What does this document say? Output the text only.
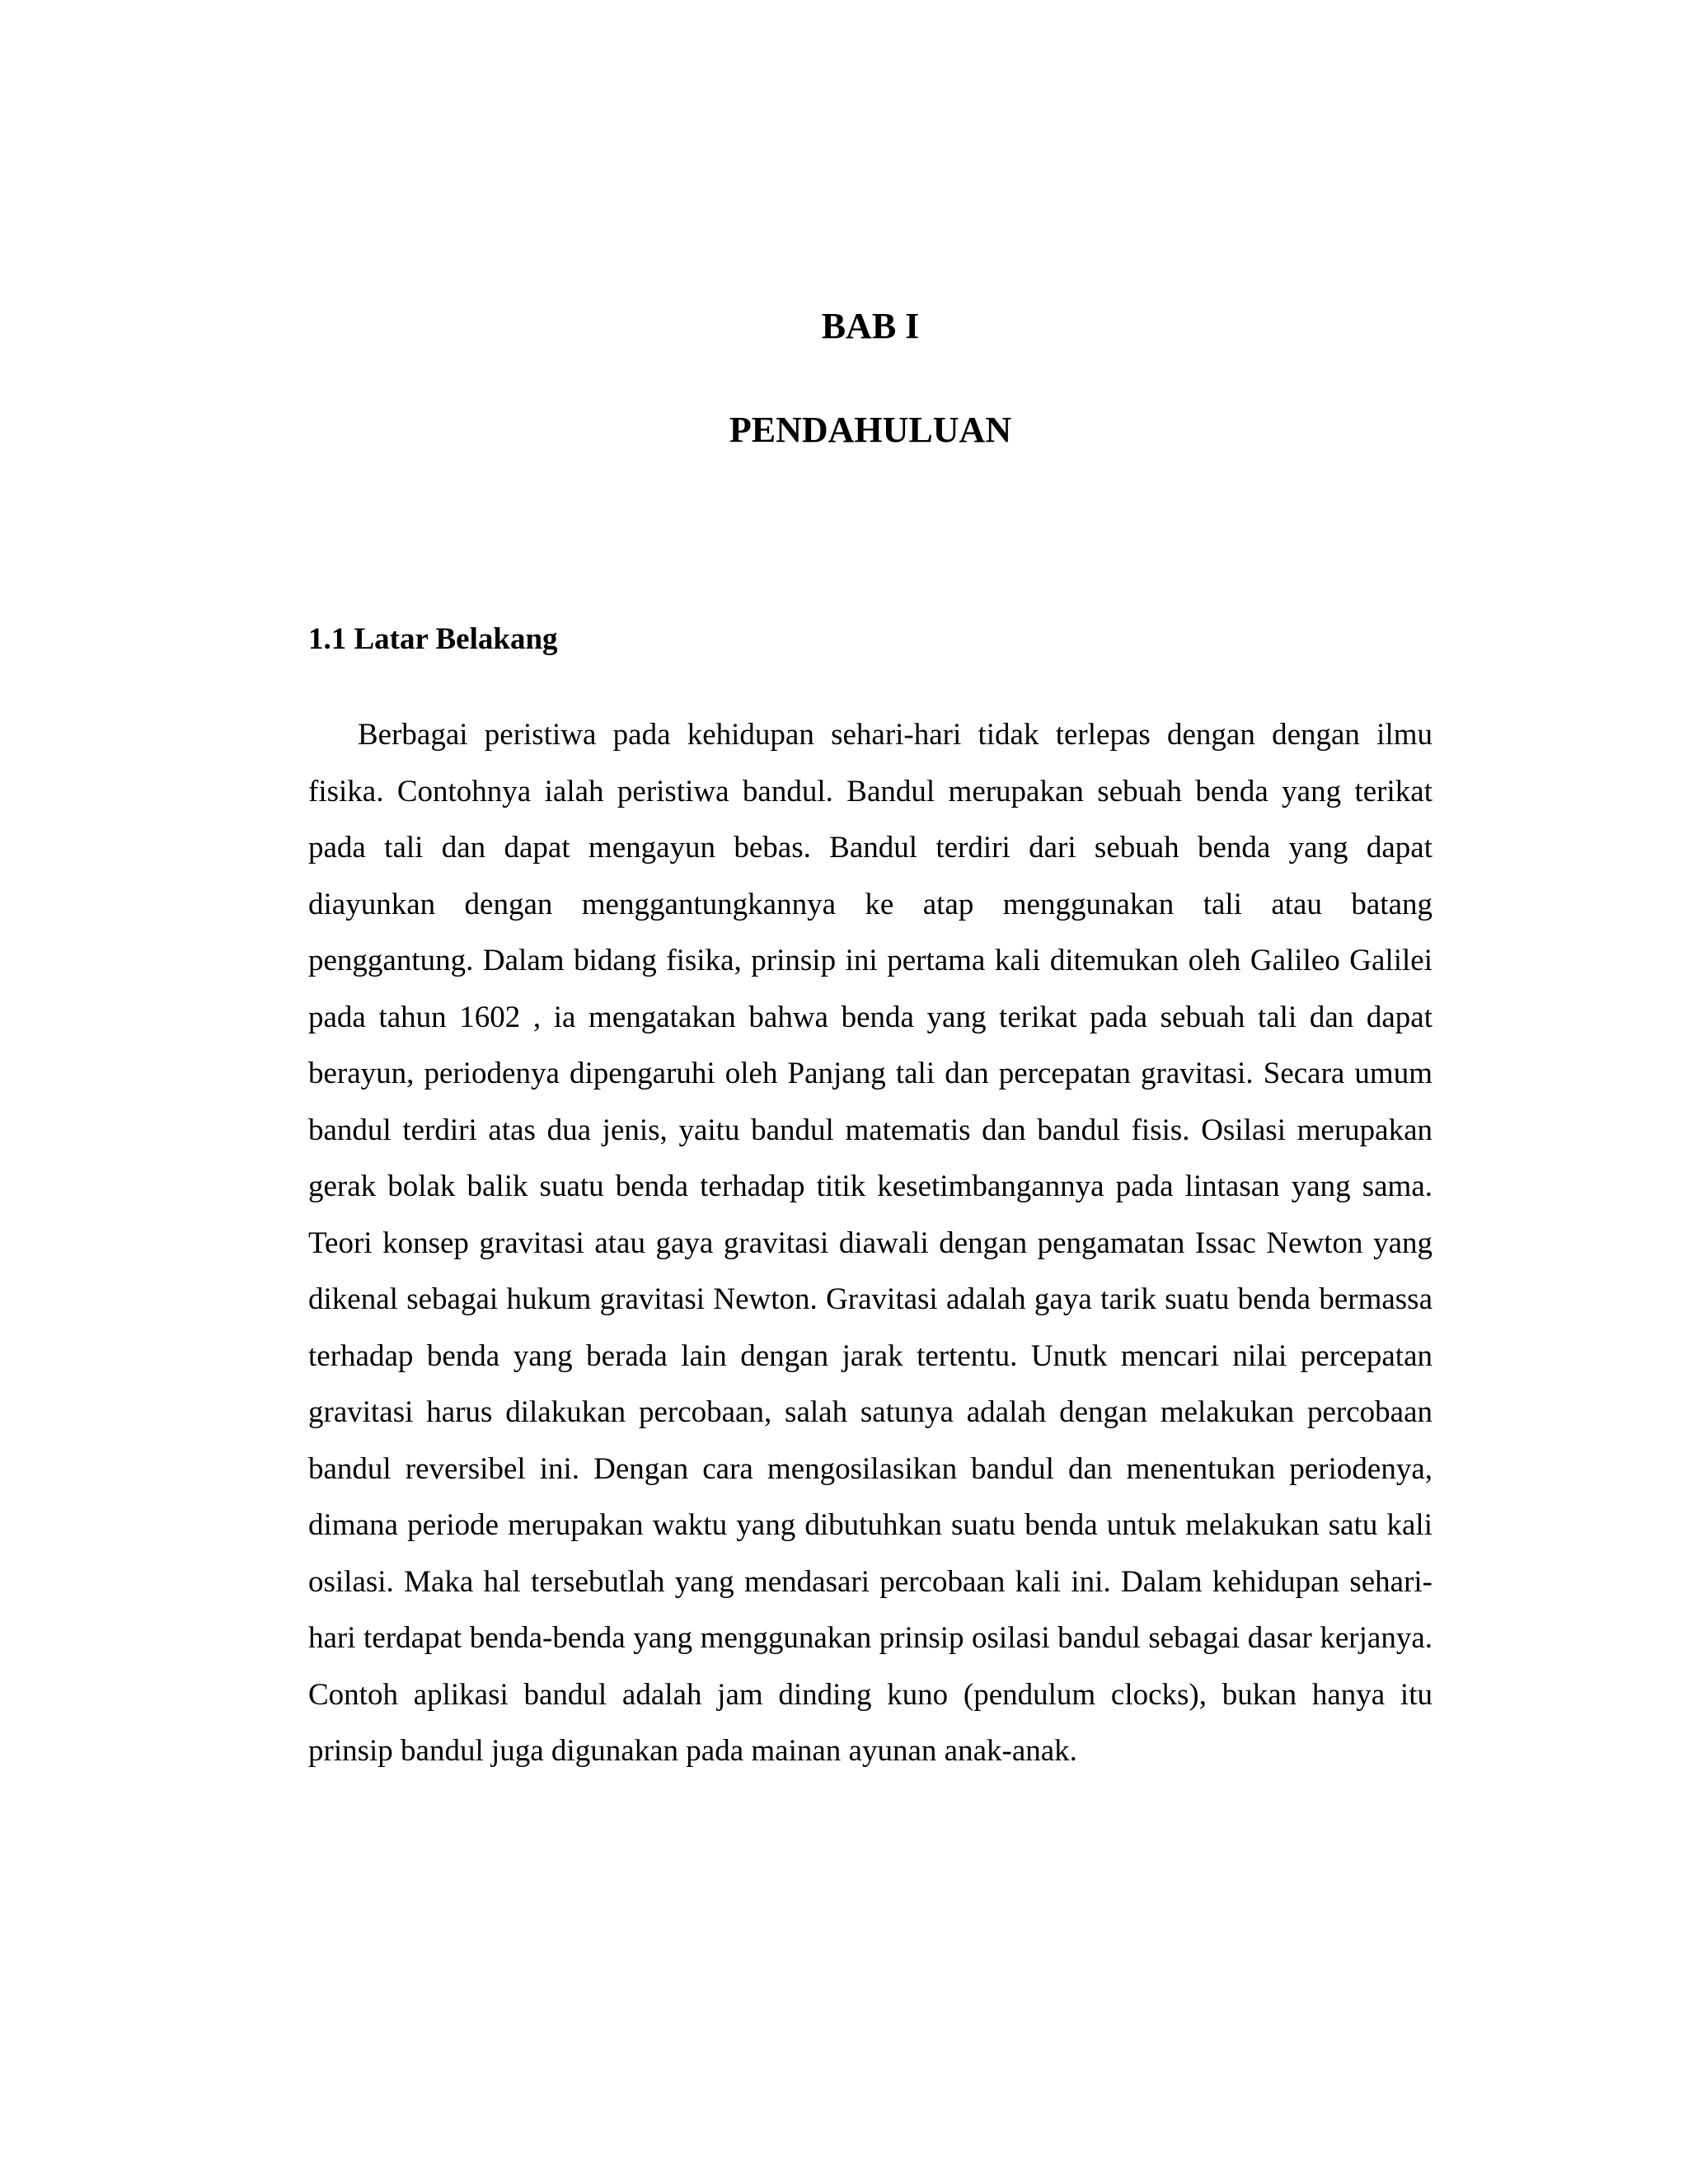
BAB I
PENDAHULUAN
1.1 Latar Belakang

Berbagai peristiwa pada kehidupan sehari-hari tidak terlepas dengan dengan ilmu fisika. Contohnya ialah peristiwa bandul. Bandul merupakan sebuah benda yang terikat pada tali dan dapat mengayun bebas. Bandul terdiri dari sebuah benda yang dapat diayunkan dengan menggantungkannya ke atap menggunakan tali atau batang penggantung. Dalam bidang fisika, prinsip ini pertama kali ditemukan oleh Galileo Galilei pada tahun 1602 , ia mengatakan bahwa benda yang terikat pada sebuah tali dan dapat berayun, periodenya dipengaruhi oleh Panjang tali dan percepatan gravitasi. Secara umum bandul terdiri atas dua jenis, yaitu bandul matematis dan bandul fisis. Osilasi merupakan gerak bolak balik suatu benda terhadap titik kesetimbangannya pada lintasan yang sama. Teori konsep gravitasi atau gaya gravitasi diawali dengan pengamatan Issac Newton yang dikenal sebagai hukum gravitasi Newton. Gravitasi adalah gaya tarik suatu benda bermassa terhadap benda yang berada lain dengan jarak tertentu. Unutk mencari nilai percepatan gravitasi harus dilakukan percobaan, salah satunya adalah dengan melakukan percobaan bandul reversibel ini. Dengan cara mengosilasikan bandul dan menentukan periodenya, dimana periode merupakan waktu yang dibutuhkan suatu benda untuk melakukan satu kali osilasi. Maka hal tersebutlah yang mendasari percobaan kali ini. Dalam kehidupan sehari-hari terdapat benda-benda yang menggunakan prinsip osilasi bandul sebagai dasar kerjanya. Contoh aplikasi bandul adalah jam dinding kuno (pendulum clocks), bukan hanya itu prinsip bandul juga digunakan pada mainan ayunan anak-anak.
